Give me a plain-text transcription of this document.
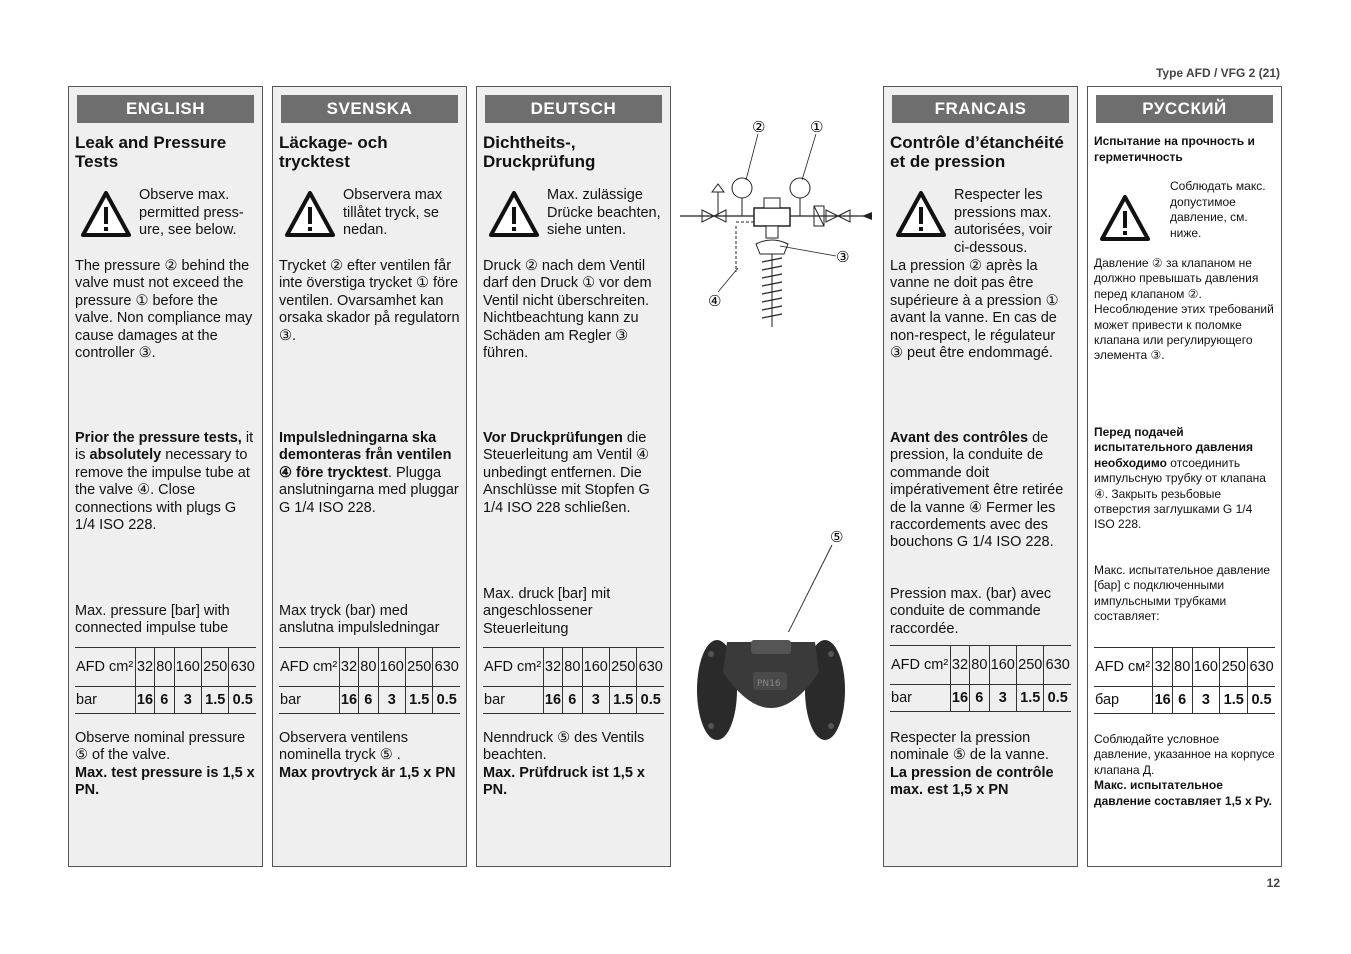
Type AFD / VFG 2 (21)
12
ENGLISH
Leak and Pressure Tests
Observe max. permitted press-ure, see below.
The pressure ② behind the valve must not exceed the pressure ① before the valve. Non compliance may cause damages at the controller ③.
Prior the pressure tests, it is absolutely necessary to remove the impulse tube at the valve ④. Close connections with plugs G 1/4 ISO 228.
Max. pressure [bar] with connected impulse tube
AFD cm²	32	80	160	250	630
bar	16	6	3	1.5	0.5
Observe nominal pressure ⑤ of the valve.
Max. test pressure is 1,5 x PN.
SVENSKA
Läckage- och trycktest
Observera max tillåtet tryck, se nedan.
Trycket ② efter ventilen får inte överstiga trycket ① före ventilen. Ovarsamhet kan orsaka skador på regulatorn ③.
Impulsledningarna ska demonteras från ventilen ④ före trycktest. Plugga anslutningarna med pluggar G 1/4 ISO 228.
Max tryck (bar) med anslutna impulsledningar
AFD cm²	32	80	160	250	630
bar	16	6	3	1.5	0.5
Observera ventilens nominella tryck ⑤ .
Max provtryck är 1,5 x PN
DEUTSCH
Dichtheits-, Druckprüfung
Max. zulässige Drücke beachten, siehe unten.
Druck ② nach dem Ventil darf den Druck ① vor dem Ventil nicht überschreiten. Nichtbeachtung kann zu Schäden am Regler ③ führen.
Vor Druckprüfungen die Steuerleitung am Ventil ④ unbedingt entfernen. Die Anschlüsse mit Stopfen G 1/4 ISO 228 schließen.
Max. druck [bar] mit angeschlossener Steuerleitung
AFD cm²	32	80	160	250	630
bar	16	6	3	1.5	0.5
Nenndruck ⑤ des Ventils beachten.
Max. Prüfdruck ist 1,5 x PN.
FRANCAIS
Contrôle d’étanchéité et de pression
Respecter les pressions max. autorisées, voir ci-dessous.
La pression ② après la vanne ne doit pas être supérieure à a pression ① avant la vanne. En cas de non-respect, le régulateur ③ peut être endommagé.
Avant des contrôles de pression, la conduite de commande doit impérativement être retirée de la vanne ④ Fermer les raccordements avec des bouchons G 1/4 ISO 228.
Pression max. (bar) avec conduite de commande raccordée.
AFD cm²	32	80	160	250	630
bar	16	6	3	1.5	0.5
Respecter la pression nominale ⑤ de la vanne.
La pression de contrôle max. est 1,5 x PN
РУССКИЙ
Испытание на прочность и герметичность
Соблюдать макс. допустимое давление, см. ниже.
Давление ② за клапаном не должно превышать давления перед клапаном ②. Несоблюдение этих требований может привести к поломке клапана или регулирующего элемента ③.
Перед подачей испытательного давления необходимо отсоединить импульсную трубку от клапана ④. Закрыть резьбовые отверстия заглушками G 1/4 ISO 228.
Макс. испытательное давление [бар] с подключенными импульсными трубками составляет:
AFD см²	32	80	160	250	630
бар	16	6	3	1.5	0.5
Соблюдайте условное давление, указанное на корпусе клапана Д.
Макс. испытательное давление составляет 1,5 x Pу.
②	①
③
④
⑤
PN16
